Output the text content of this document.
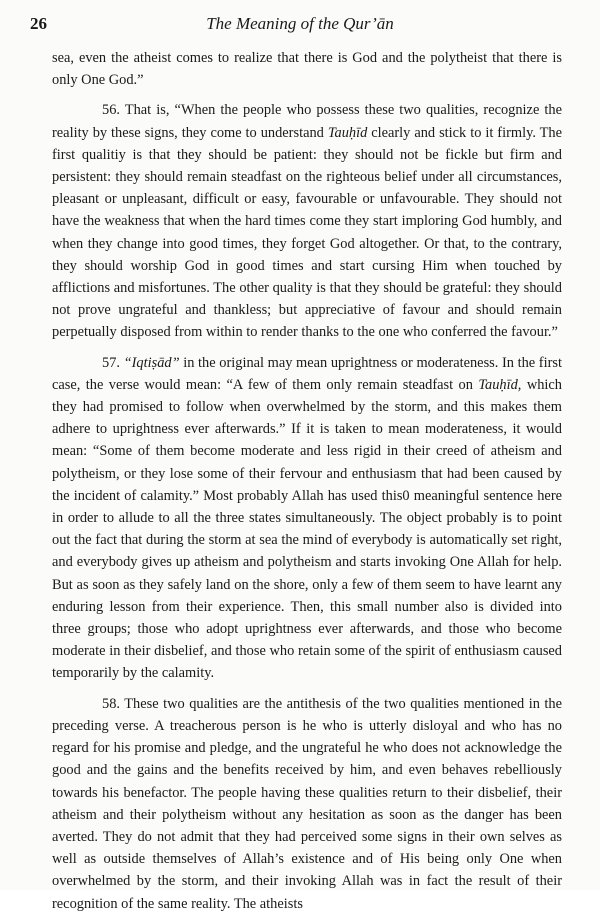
26	The Meaning of the Qur’ān

sea, even the atheist comes to realize that there is God and the polytheist that there is only One God.”

56. That is, “When the people who possess these two qualities, recognize the reality by these signs, they come to understand Tauḥīd clearly and stick to it firmly. The first qualitiy is that they should be patient: they should not be fickle but firm and persistent: they should remain steadfast on the righteous belief under all circumstances, pleasant or unpleasant, difficult or easy, favourable or unfavourable. They should not have the weakness that when the hard times come they start imploring God humbly, and when they change into good times, they forget God altogether. Or that, to the contrary, they should worship God in good times and start cursing Him when touched by afflictions and misfortunes. The other quality is that they should be grateful: they should not prove ungrateful and thankless; but appreciative of favour and should remain perpetually disposed from within to render thanks to the one who conferred the favour.”

57. “Iqtiṣād” in the original may mean uprightness or moderateness. In the first case, the verse would mean: “A few of them only remain steadfast on Tauḥīd, which they had promised to follow when overwhelmed by the storm, and this makes them adhere to uprightness ever afterwards.” If it is taken to mean moderateness, it would mean: “Some of them become moderate and less rigid in their creed of atheism and polytheism, or they lose some of their fervour and enthusiasm that had been caused by the incident of calamity.” Most probably Allah has used this0 meaningful sentence here in order to allude to all the three states simultaneously. The object probably is to point out the fact that during the storm at sea the mind of everybody is automatically set right, and everybody gives up atheism and polytheism and starts invoking One Allah for help. But as soon as they safely land on the shore, only a few of them seem to have learnt any enduring lesson from their experience. Then, this small number also is divided into three groups; those who adopt uprightness ever afterwards, and those who become moderate in their disbelief, and those who retain some of the spirit of enthusiasm caused temporarily by the calamity.

58. These two qualities are the antithesis of the two qualities mentioned in the preceding verse. A treacherous person is he who is utterly disloyal and who has no regard for his promise and pledge, and the ungrateful he who does not acknowledge the good and the gains and the benefits received by him, and even behaves rebelliously towards his benefactor. The people having these qualities return to their disbelief, their atheism and their polytheism without any hesitation as soon as the danger has been averted. They do not admit that they had perceived some signs in their own selves as well as outside themselves of Allah’s existence and of His being only One when overwhelmed by the storm, and their invoking Allah was in fact the result of their recognition of the same reality. The atheists
